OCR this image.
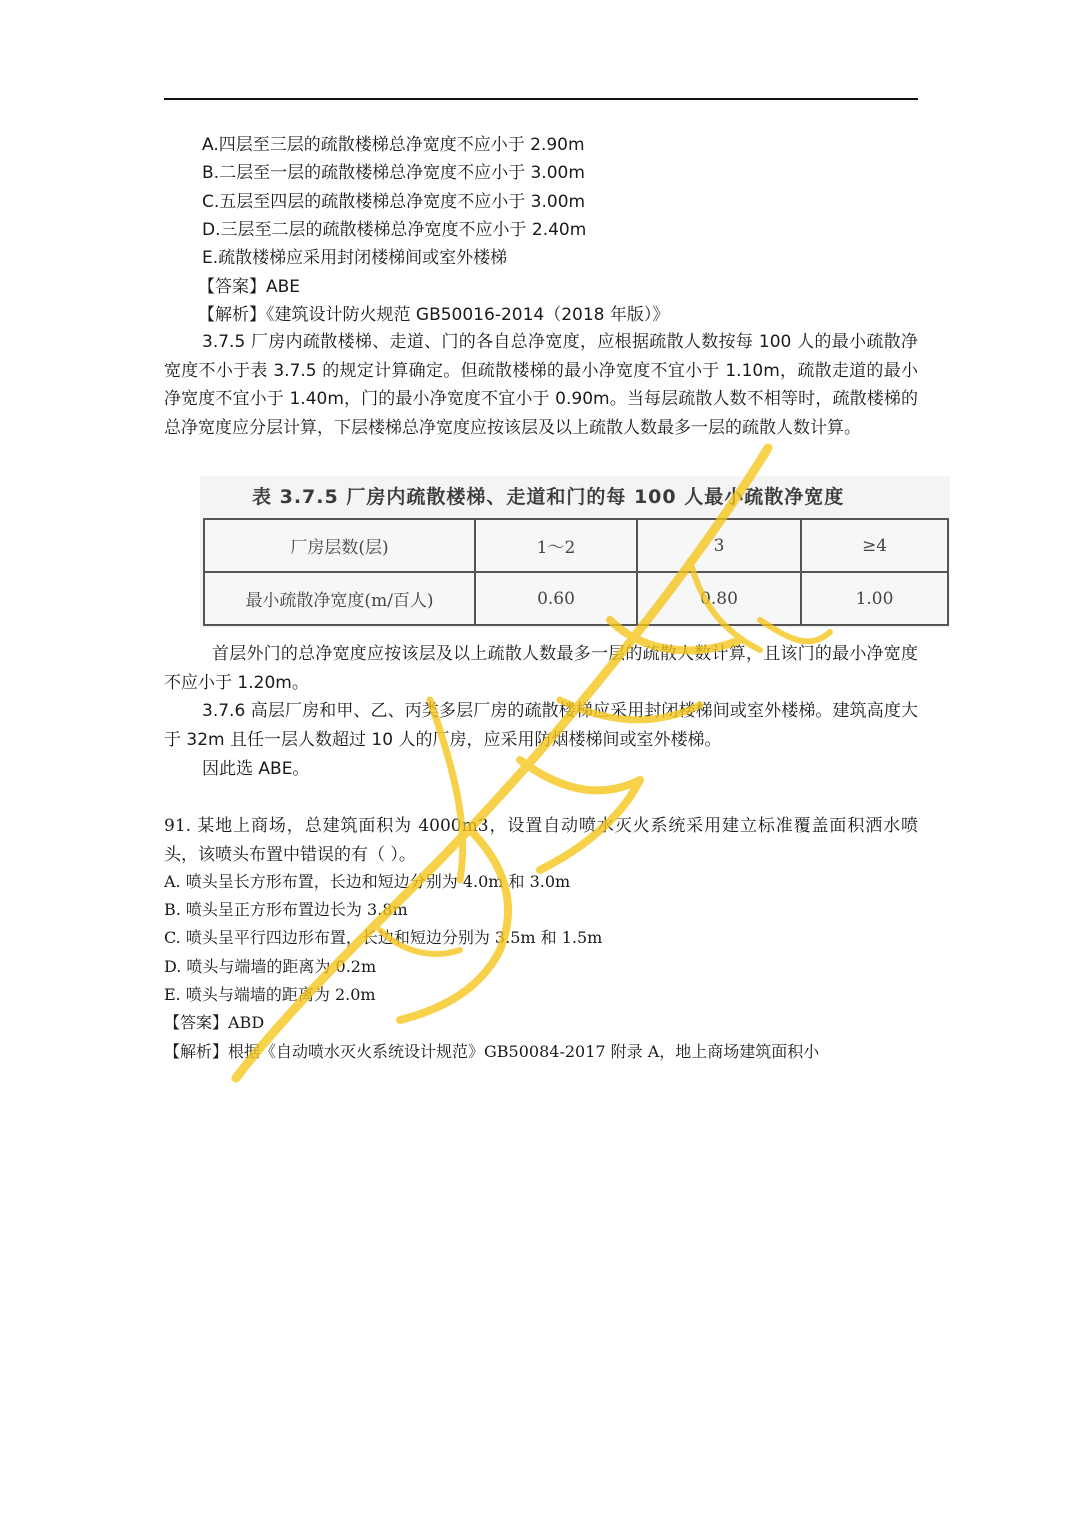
A.四层至三层的疏散楼梯总净宽度不应小于 2.90m
B.二层至一层的疏散楼梯总净宽度不应小于 3.00m
C.五层至四层的疏散楼梯总净宽度不应小于 3.00m
D.三层至二层的疏散楼梯总净宽度不应小于 2.40m
E.疏散楼梯应采用封闭楼梯间或室外楼梯
【答案】ABE
【解析】《建筑设计防火规范 GB50016-2014（2018 年版）》
3.7.5 厂房内疏散楼梯、走道、门的各自总净宽度，应根据疏散人数按每 100 人的最小疏散净宽度不小于表 3.7.5 的规定计算确定。但疏散楼梯的最小净宽度不宜小于 1.10m，疏散走道的最小净宽度不宜小于 1.40m，门的最小净宽度不宜小于 0.90m。当每层疏散人数不相等时，疏散楼梯的总净宽度应分层计算，下层楼梯总净宽度应按该层及以上疏散人数最多一层的疏散人数计算。
表 3.7.5 厂房内疏散楼梯、走道和门的每 100 人最小疏散净宽度
厂房层数(层)	1～2	3	≥4
最小疏散净宽度(m/百人)	0.60	0.80	1.00
首层外门的总净宽度应按该层及以上疏散人数最多一层的疏散人数计算，且该门的最小净宽度不应小于 1.20m。
3.7.6 高层厂房和甲、乙、丙类多层厂房的疏散楼梯应采用封闭楼梯间或室外楼梯。建筑高度大于 32m 且任一层人数超过 10 人的厂房，应采用防烟楼梯间或室外楼梯。
因此选 ABE。
91. 某地上商场，总建筑面积为 4000m3，设置自动喷水灭火系统采用建立标准覆盖面积洒水喷头，该喷头布置中错误的有（ ）。
A. 喷头呈长方形布置，长边和短边分别为 4.0m 和 3.0m
B. 喷头呈正方形布置边长为 3.8m
C. 喷头呈平行四边形布置，长边和短边分别为 3.5m 和 1.5m
D. 喷头与端墙的距离为 0.2m
E. 喷头与端墙的距离为 2.0m
【答案】ABD
【解析】根据《自动喷水灭火系统设计规范》GB50084-2017 附录 A，地上商场建筑面积小
